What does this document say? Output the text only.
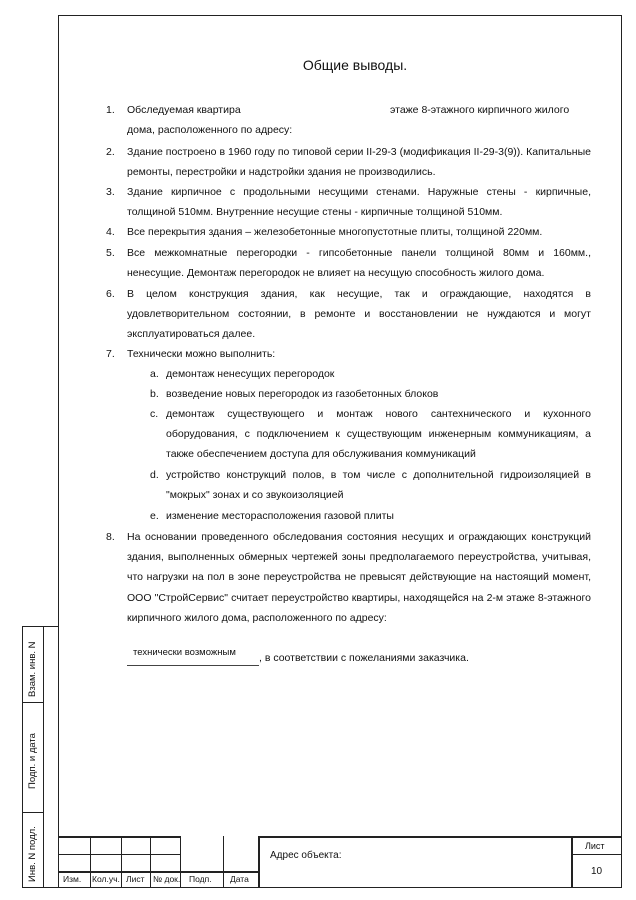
Взам. инв. N
Подп. и дата
Инв. N подл.
Общие выводы.
1. Обследуемая квартира	этаже 8-этажного кирпичного жилого
дома, расположенного по адресу:
2. Здание построено в 1960 году по типовой серии II-29-3 (модификация II-29-3(9)). Капитальные ремонты, перестройки и надстройки здания не производились.
3. Здание кирпичное с продольными несущими стенами. Наружные стены - кирпичные, толщиной 510мм. Внутренние несущие стены - кирпичные толщиной 510мм.
4. Все перекрытия здания – железобетонные многопустотные плиты, толщиной 220мм.
5. Все межкомнатные перегородки - гипсобетонные панели толщиной 80мм и 160мм., ненесущие. Демонтаж перегородок не влияет на несущую способность жилого дома.
6. В целом конструкция здания, как несущие, так и ограждающие, находятся в удовлетворительном состоянии, в ремонте и восстановлении не нуждаются и могут эксплуатироваться далее.
7. Технически можно выполнить:
a. демонтаж ненесущих перегородок
b. возведение новых перегородок из газобетонных блоков
c. демонтаж существующего и монтаж нового сантехнического и кухонного оборудования, с подключением к существующим инженерным коммуникациям, а также обеспечением доступа для обслуживания коммуникаций
d. устройство конструкций полов, в том числе с дополнительной гидроизоляцией в "мокрых" зонах и со звукоизоляцией
e. изменение месторасположения газовой плиты
8. На основании проведенного обследования состояния несущих и ограждающих конструкций здания, выполненных обмерных чертежей зоны предполагаемого переустройства, учитывая, что нагрузки на пол в зоне переустройства не превысят действующие на настоящий момент, ООО "СтройСервис" считает переустройство квартиры, находящейся на 2-м этаже 8-этажного кирпичного жилого дома, расположенного по адресу:
технически возможным , в соответствии с пожеланиями заказчика.
Изм. Кол.уч. Лист № док. Подп. Дата
Адрес объекта:
Лист
10
